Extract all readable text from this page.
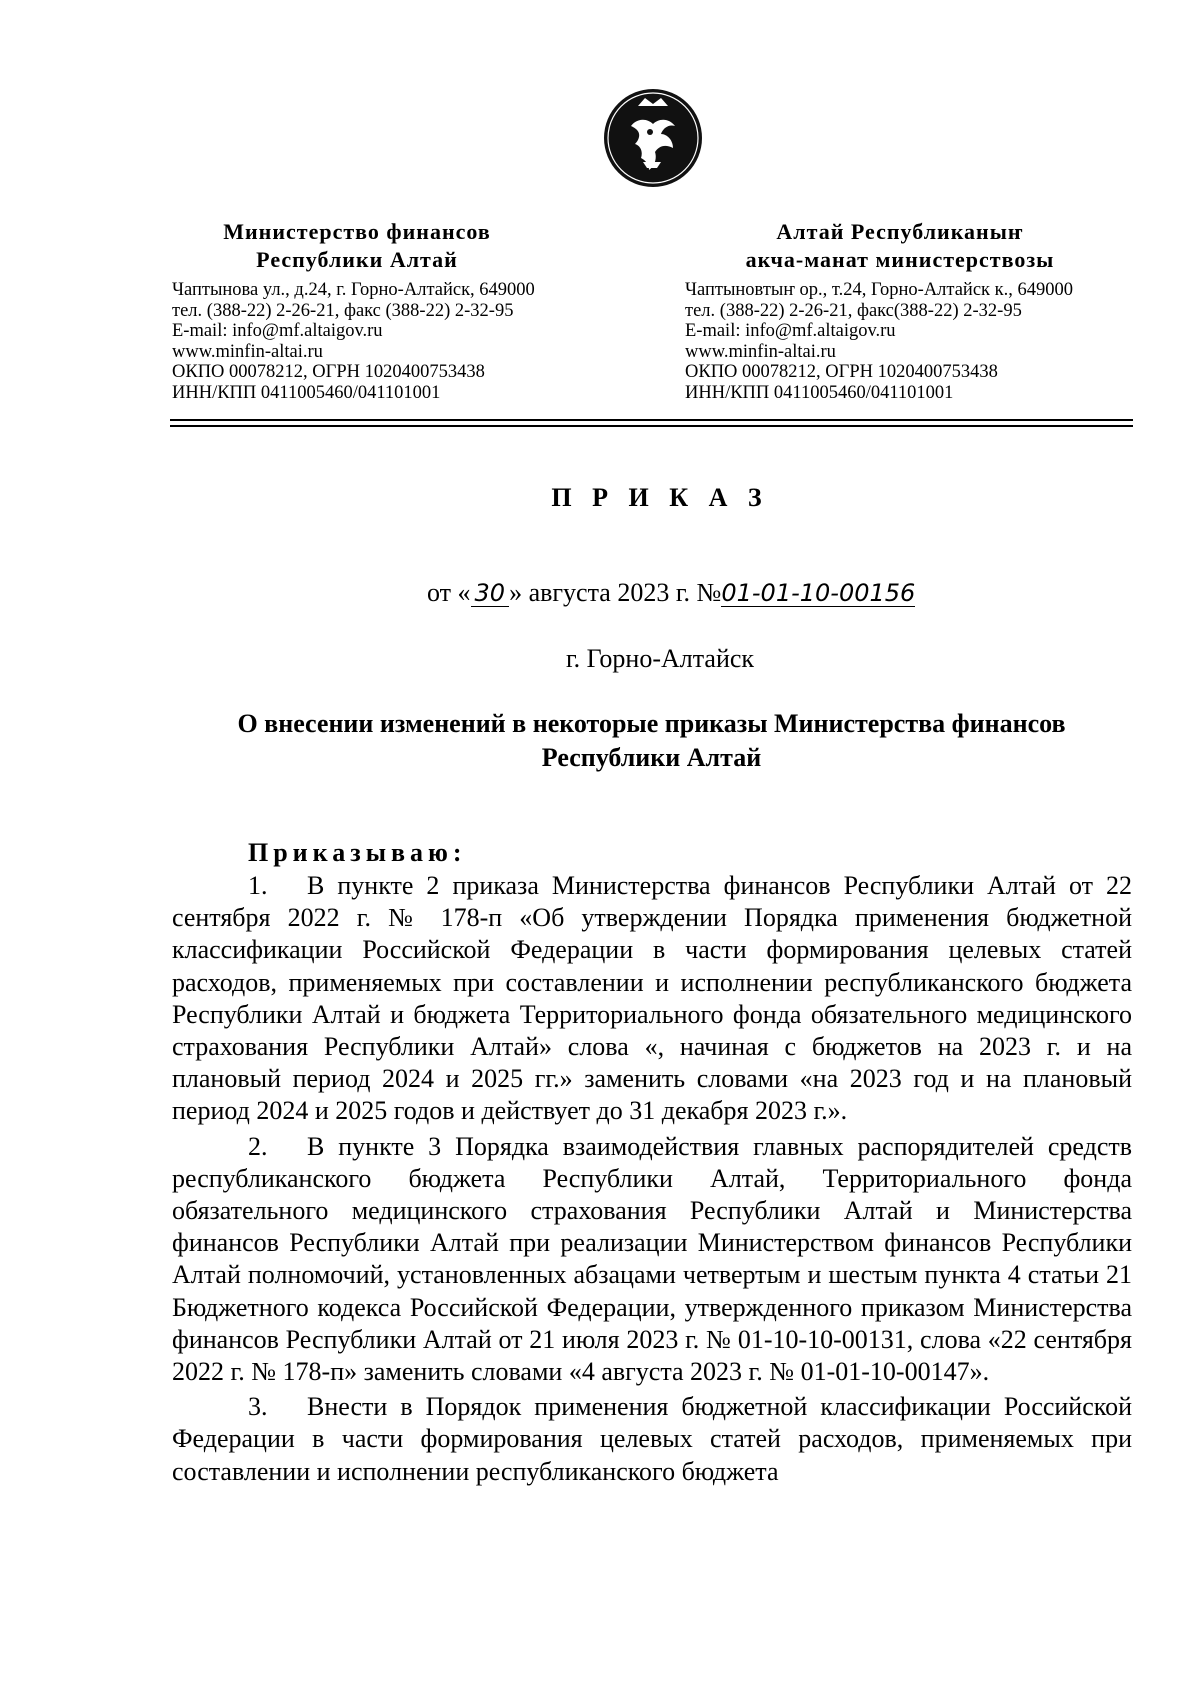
Министерство финансов
Республики Алтай
Чаптынова ул., д.24, г. Горно-Алтайск, 649000
тел. (388-22) 2-26-21, факс (388-22) 2-32-95
E-mail: info@mf.altaigov.ru
www.minfin-altai.ru
ОКПО 00078212, ОГРН 1020400753438
ИНН/КПП 0411005460/041101001
Алтай Республиканыҥ
акча-манат министерствозы
Чаптыновтыҥ ор., т.24, Горно-Алтайск к., 649000
тел. (388-22) 2-26-21, факс(388-22) 2-32-95
E-mail: info@mf.altaigov.ru
www.minfin-altai.ru
ОКПО 00078212, ОГРН 1020400753438
ИНН/КПП 0411005460/041101001
П Р И К А З
от « 30 » августа 2023 г. №01-01-10-00156
г. Горно-Алтайск
О внесении изменений в некоторые приказы Министерства финансов Республики Алтай
Приказываю:

1. В пункте 2 приказа Министерства финансов Республики Алтай от 22 сентября 2022 г. № 178-п «Об утверждении Порядка применения бюджетной классификации Российской Федерации в части формирования целевых статей расходов, применяемых при составлении и исполнении республиканского бюджета Республики Алтай и бюджета Территориального фонда обязательного медицинского страхования Республики Алтай» слова «, начиная с бюджетов на 2023 г. и на плановый период 2024 и 2025 гг.» заменить словами «на 2023 год и на плановый период 2024 и 2025 годов и действует до 31 декабря 2023 г.».

2. В пункте 3 Порядка взаимодействия главных распорядителей средств республиканского бюджета Республики Алтай, Территориального фонда обязательного медицинского страхования Республики Алтай и Министерства финансов Республики Алтай при реализации Министерством финансов Республики Алтай полномочий, установленных абзацами четвертым и шестым пункта 4 статьи 21 Бюджетного кодекса Российской Федерации, утвержденного приказом Министерства финансов Республики Алтай от 21 июля 2023 г. № 01-10-10-00131, слова «22 сентября 2022 г. № 178-п» заменить словами «4 августа 2023 г. № 01-01-10-00147».

3. Внести в Порядок применения бюджетной классификации Российской Федерации в части формирования целевых статей расходов, применяемых при составлении и исполнении республиканского бюджета
